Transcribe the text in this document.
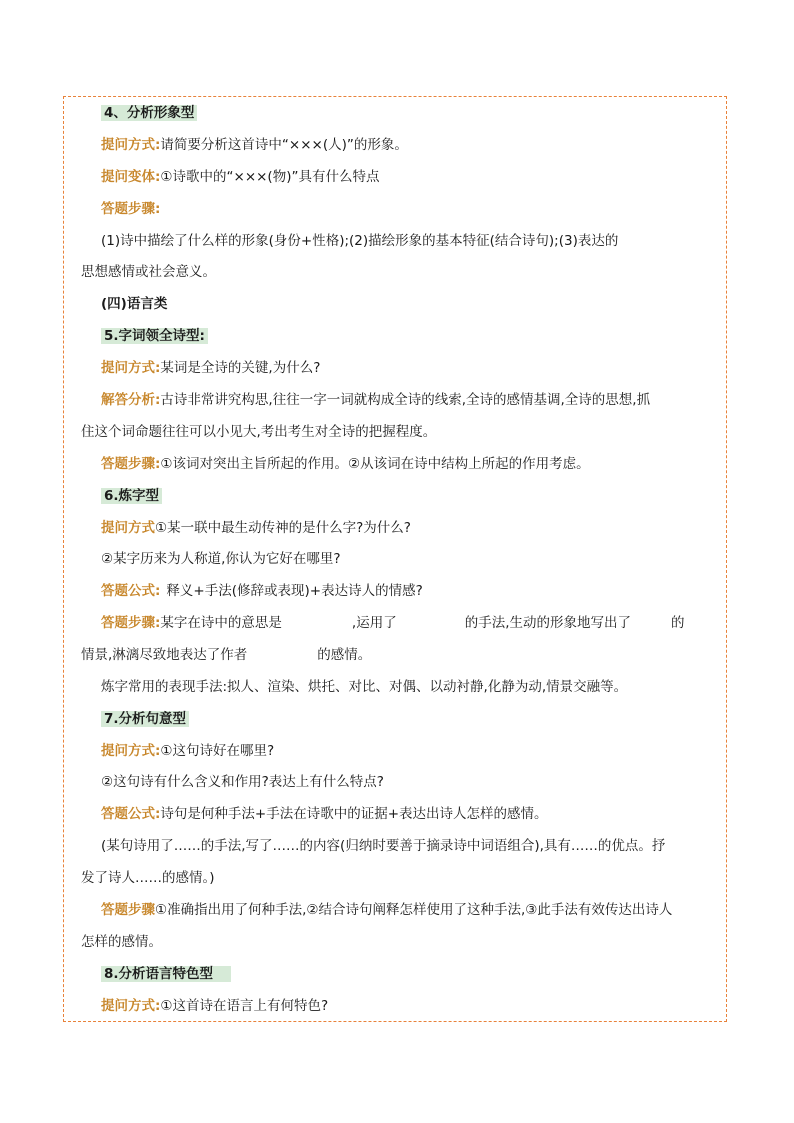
4、分析形象型
提问方式:请简要分析这首诗中“×××(人)”的形象。
提问变体:①诗歌中的“×××(物)”具有什么特点
答题步骤:
(1)诗中描绘了什么样的形象(身份+性格);(2)描绘形象的基本特征(结合诗句);(3)表达的
思想感情或社会意义。
(四)语言类
5.字词领全诗型:
提问方式:某词是全诗的关键,为什么?
解答分析:古诗非常讲究构思,往往一字一词就构成全诗的线索,全诗的感情基调,全诗的思想,抓
住这个词命题往往可以小见大,考出考生对全诗的把握程度。
答题步骤:①该词对突出主旨所起的作用。②从该词在诗中结构上所起的作用考虑。
6.炼字型
提问方式①某一联中最生动传神的是什么字?为什么?
②某字历来为人称道,你认为它好在哪里?
答题公式: 释义+手法(修辞或表现)+表达诗人的情感?
答题步骤:某字在诗中的意思是	,运用了	的手法,生动的形象地写出了	的
情景,淋漓尽致地表达了作者	的感情。
炼字常用的表现手法:拟人、渲染、烘托、对比、对偶、以动衬静,化静为动,情景交融等。
7.分析句意型
提问方式:①这句诗好在哪里?
②这句诗有什么含义和作用?表达上有什么特点?
答题公式:诗句是何种手法+手法在诗歌中的证据+表达出诗人怎样的感情。
(某句诗用了……的手法,写了……的内容(归纳时要善于摘录诗中词语组合),具有……的优点。抒
发了诗人……的感情。)
答题步骤①准确指出用了何种手法,②结合诗句阐释怎样使用了这种手法,③此手法有效传达出诗人
怎样的感情。
8.分析语言特色型
提问方式:①这首诗在语言上有何特色?
